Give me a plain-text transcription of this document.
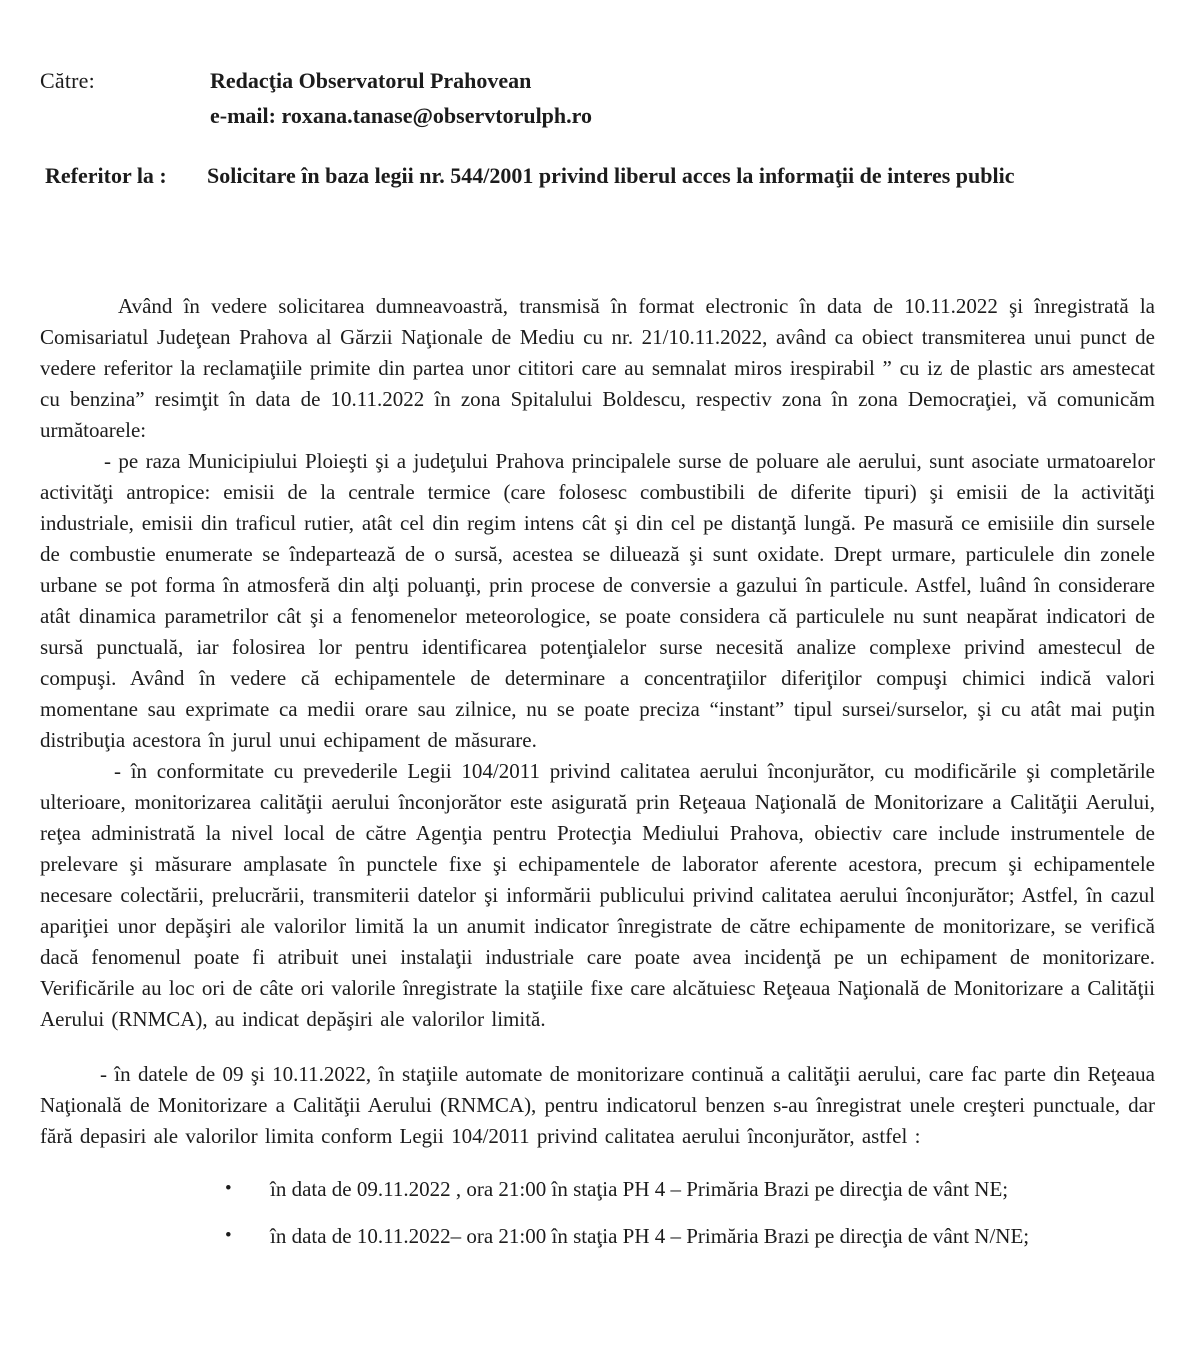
Către:	Redacţia Observatorul Prahovean
e-mail: roxana.tanase@observtorulph.ro
Referitor la :	Solicitare în baza legii nr. 544/2001 privind liberul acces la informaţii de interes public

Având în vedere solicitarea dumneavoastră, transmisă în format electronic în data de 10.11.2022 şi înregistrată la Comisariatul Judeţean Prahova al Gărzii Naţionale de Mediu cu nr. 21/10.11.2022, având ca obiect transmiterea unui punct de vedere referitor la reclamaţiile primite din partea unor cititori care au semnalat miros irespirabil ” cu iz de plastic ars amestecat cu benzina” resimţit în data de 10.11.2022 în zona Spitalului Boldescu, respectiv zona în zona Democraţiei, vă comunicăm următoarele:

- pe raza Municipiului Ploieşti şi a judeţului Prahova principalele surse de poluare ale aerului, sunt asociate urmatoarelor activităţi antropice: emisii de la centrale termice (care folosesc combustibili de diferite tipuri) şi emisii de la activităţi industriale, emisii din traficul rutier, atât cel din regim intens cât şi din cel pe distanţă lungă. Pe masură ce emisiile din sursele de combustie enumerate se îndepartează de o sursă, acestea se diluează şi sunt oxidate. Drept urmare, particulele din zonele urbane se pot forma în atmosferă din alţi poluanţi, prin procese de conversie a gazului în particule. Astfel, luând în considerare atât dinamica parametrilor cât şi a fenomenelor meteorologice, se poate considera că particulele nu sunt neapărat indicatori de sursă punctuală, iar folosirea lor pentru identificarea potenţialelor surse necesită analize complexe privind amestecul de compuşi. Având în vedere că echipamentele de determinare a concentraţiilor diferiţilor compuşi chimici indică valori momentane sau exprimate ca medii orare sau zilnice, nu se poate preciza “instant” tipul sursei/surselor, şi cu atât mai puţin distribuţia acestora în jurul unui echipament de măsurare.

- în conformitate cu prevederile Legii 104/2011 privind calitatea aerului înconjurător, cu modificările şi completările ulterioare, monitorizarea calităţii aerului înconjorător este asigurată prin Reţeaua Naţională de Monitorizare a Calităţii Aerului, reţea administrată la nivel local de către Agenţia pentru Protecţia Mediului Prahova, obiectiv care include instrumentele de prelevare şi măsurare amplasate în punctele fixe şi echipamentele de laborator aferente acestora, precum şi echipamentele necesare colectării, prelucrării, transmiterii datelor şi informării publicului privind calitatea aerului înconjurător; Astfel, în cazul apariţiei unor depăşiri ale valorilor limită la un anumit indicator înregistrate de către echipamente de monitorizare, se verifică dacă fenomenul poate fi atribuit unei instalaţii industriale care poate avea incidenţă pe un echipament de monitorizare. Verificările au loc ori de câte ori valorile înregistrate la staţiile fixe care alcătuiesc Reţeaua Naţională de Monitorizare a Calităţii Aerului (RNMCA), au indicat depăşiri ale valorilor limită.

- în datele de 09 şi 10.11.2022, în staţiile automate de monitorizare continuă a calităţii aerului, care fac parte din Reţeaua Naţională de Monitorizare a Calităţii Aerului (RNMCA), pentru indicatorul benzen s-au înregistrat unele creşteri punctuale, dar fără depasiri ale valorilor limita conform Legii 104/2011 privind calitatea aerului înconjurător, astfel :

•	în data de 09.11.2022 , ora 21:00 în staţia PH 4 – Primăria Brazi pe direcţia de vânt NE;
•	în data de 10.11.2022– ora 21:00 în staţia PH 4 – Primăria Brazi pe direcţia de vânt N/NE;
